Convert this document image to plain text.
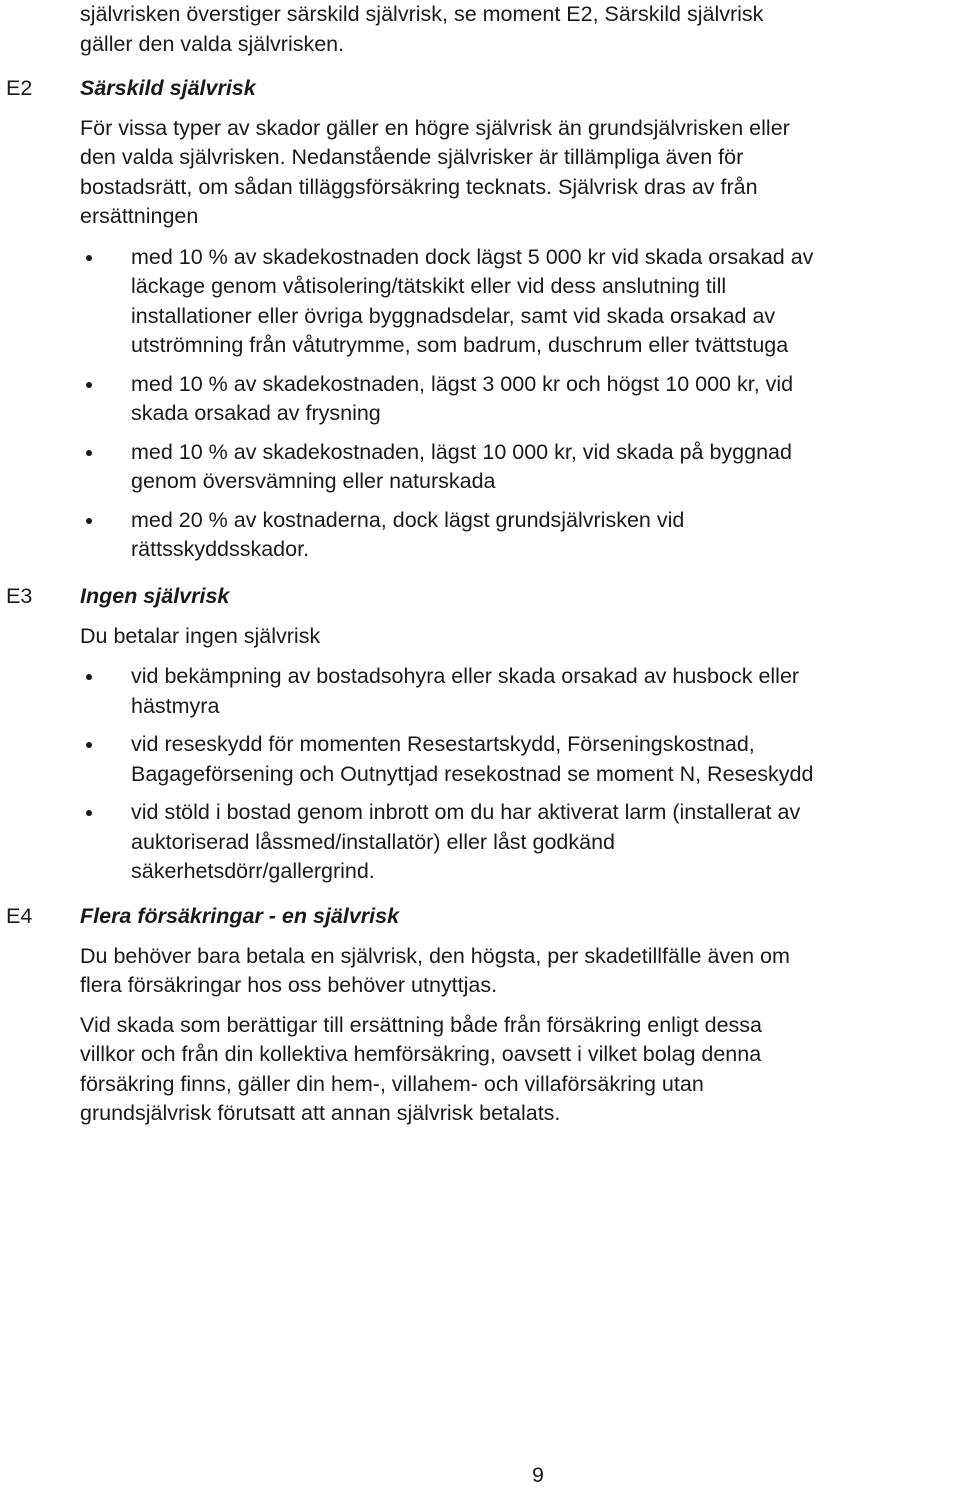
självrisken överstiger särskild självrisk, se moment E2, Särskild självrisk

gäller den valda självrisken.

E2 Särskild självrisk

För vissa typer av skador gäller en högre självrisk än grundsjälvrisken eller

den valda självrisken. Nedanstående självrisker är tillämpliga även för

bostadsrätt, om sådan tilläggsförsäkring tecknats. Självrisk dras av från

ersättningen

med 10 % av skadekostnaden dock lägst 5 000 kr vid skada orsakad av

läckage genom våtisolering/tätskikt eller vid dess anslutning till

installationer eller övriga byggnadsdelar, samt vid skada orsakad av

utströmning från våtutrymme, som badrum, duschrum eller tvättstuga

med 10 % av skadekostnaden, lägst 3 000 kr och högst 10 000 kr, vid

skada orsakad av frysning

med 10 % av skadekostnaden, lägst 10 000 kr, vid skada på byggnad

genom översvämning eller naturskada

med 20 % av kostnaderna, dock lägst grundsjälvrisken vid

rättsskyddsskador.

E3 Ingen självrisk

Du betalar ingen självrisk

vid bekämpning av bostadsohyra eller skada orsakad av husbock eller

hästmyra

vid reseskydd för momenten Resestartskydd, Förseningskostnad,

Bagageförsening och Outnyttjad resekostnad se moment N, Reseskydd

vid stöld i bostad genom inbrott om du har aktiverat larm (installerat av

auktoriserad låssmed/installatör) eller låst godkänd

säkerhetsdörr/gallergrind.

E4 Flera försäkringar - en självrisk

Du behöver bara betala en självrisk, den högsta, per skadetillfälle även om

flera försäkringar hos oss behöver utnyttjas.

Vid skada som berättigar till ersättning både från försäkring enligt dessa

villkor och från din kollektiva hemförsäkring, oavsett i vilket bolag denna

försäkring finns, gäller din hem-, villahem- och villaförsäkring utan

grundsjälvrisk förutsatt att annan självrisk betalats.

9
